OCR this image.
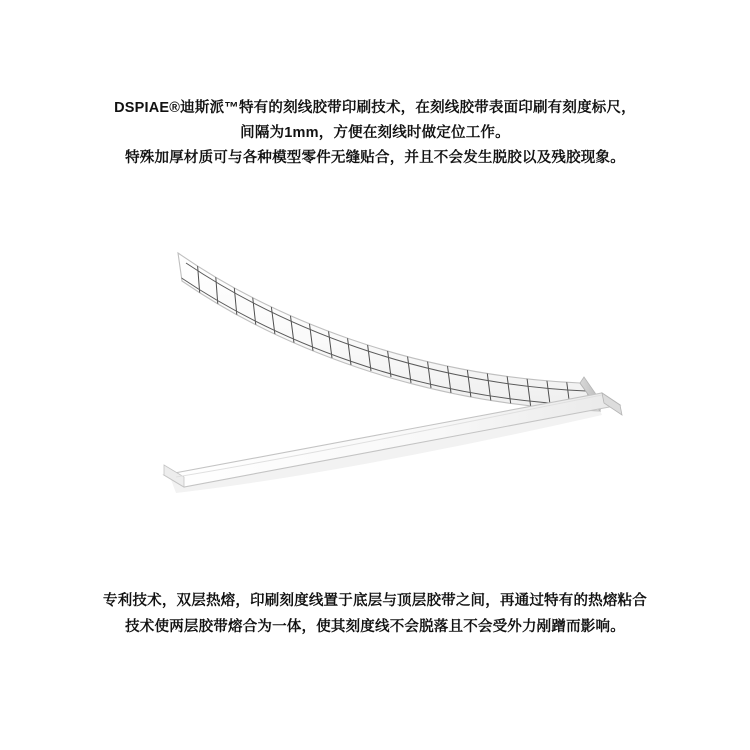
DSPIAE®迪斯派™特有的刻线胶带印刷技术，在刻线胶带表面印刷有刻度标尺，
间隔为1mm，方便在刻线时做定位工作。
特殊加厚材质可与各种模型零件无缝贴合，并且不会发生脱胶以及残胶现象。
专利技术，双层热熔，印刷刻度线置于底层与顶层胶带之间，再通过特有的热熔粘合
技术使两层胶带熔合为一体，使其刻度线不会脱落且不会受外力剐蹭而影响。
